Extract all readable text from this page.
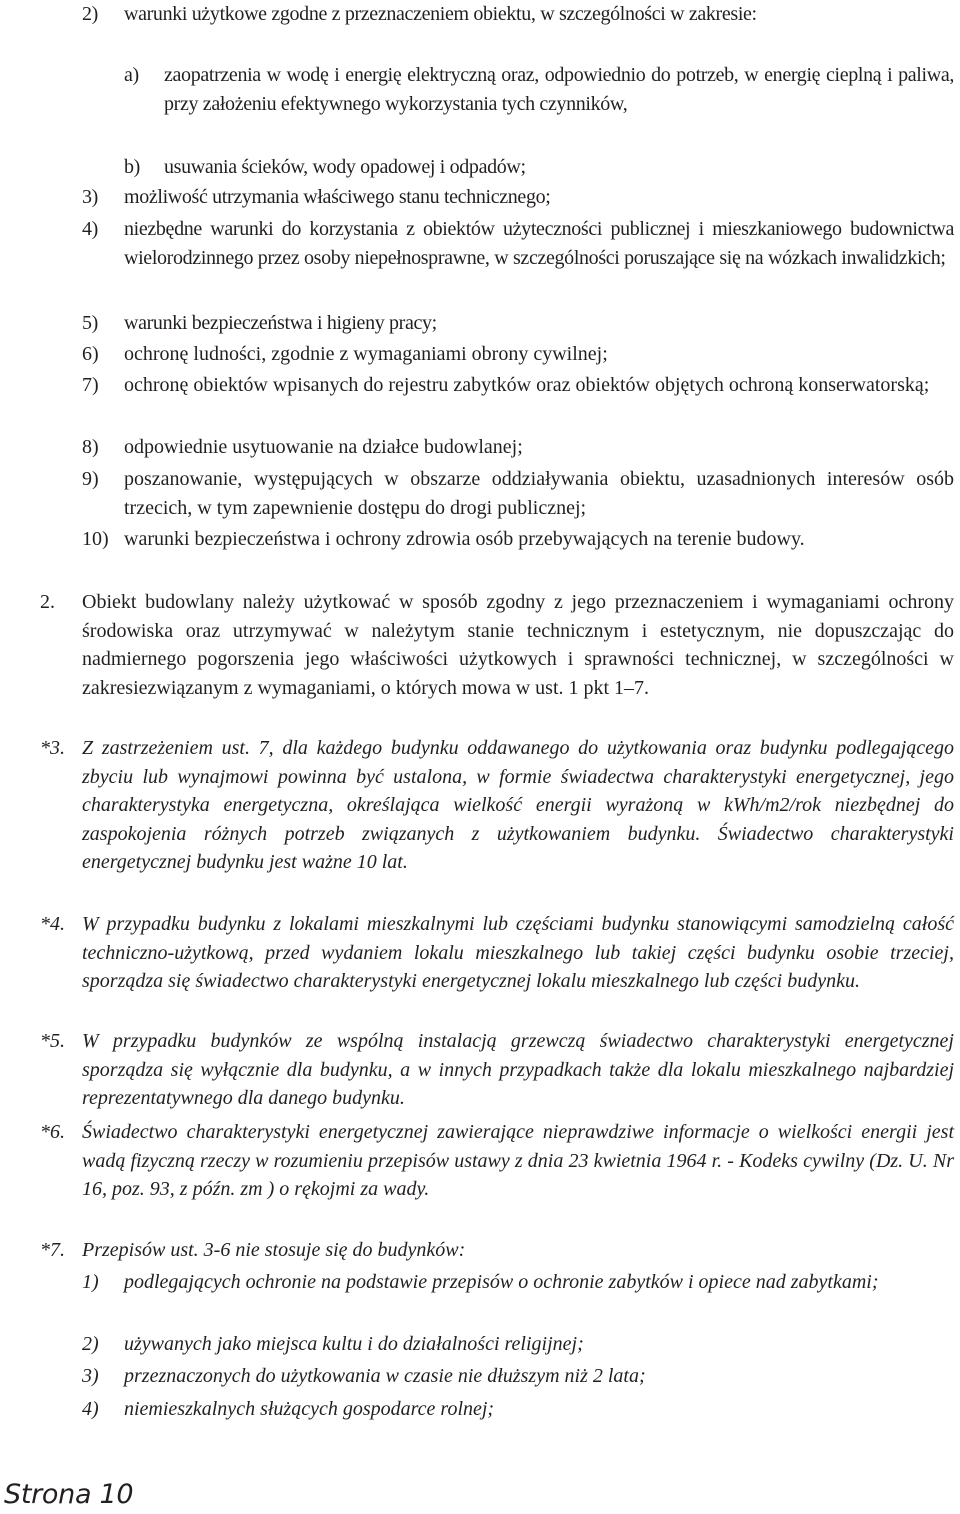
2) warunki użytkowe zgodne z przeznaczeniem obiektu, w szczególności w zakresie:
a) zaopatrzenia w wodę i energię elektryczną oraz, odpowiednio do potrzeb, w energię cieplną i paliwa, przy założeniu efektywnego wykorzystania tych czynników,
b) usuwania ścieków, wody opadowej i odpadów;
3) możliwość utrzymania właściwego stanu technicznego;
4) niezbędne warunki do korzystania z obiektów użyteczności publicznej i mieszkaniowego budownictwa wielorodzinnego przez osoby niepełnosprawne, w szczególności poruszające się na wózkach inwalidzkich;
5) warunki bezpieczeństwa i higieny pracy;
6) ochronę ludności, zgodnie z wymaganiami obrony cywilnej;
7) ochronę obiektów wpisanych do rejestru zabytków oraz obiektów objętych ochroną konserwatorską;
8) odpowiednie usytuowanie na działce budowlanej;
9) poszanowanie, występujących w obszarze oddziaływania obiektu, uzasadnionych interesów osób trzecich, w tym zapewnienie dostępu do drogi publicznej;
10) warunki bezpieczeństwa i ochrony zdrowia osób przebywających na terenie budowy.
2. Obiekt budowlany należy użytkować w sposób zgodny z jego przeznaczeniem i wymaganiami ochrony środowiska oraz utrzymywać w należytym stanie technicznym i estetycznym, nie dopuszczając do nadmiernego pogorszenia jego właściwości użytkowych i sprawności technicznej, w szczególności w zakresiezwiązanym z wymaganiami, o których mowa w ust. 1 pkt 1–7.
*3. Z zastrzeżeniem ust. 7, dla każdego budynku oddawanego do użytkowania oraz budynku podlegającego zbyciu lub wynajmowi powinna być ustalona, w formie świadectwa charakterystyki energetycznej, jego charakterystyka energetyczna, określająca wielkość energii wyrażoną w kWh/m2/rok niezbędnej do zaspokojenia różnych potrzeb związanych z użytkowaniem budynku. Świadectwo charakterystyki energetycznej budynku jest ważne 10 lat.
*4. W przypadku budynku z lokalami mieszkalnymi lub częściami budynku stanowiącymi samodzielną całość techniczno-użytkową, przed wydaniem lokalu mieszkalnego lub takiej części budynku osobie trzeciej, sporządza się świadectwo charakterystyki energetycznej lokalu mieszkalnego lub części budynku.
*5. W przypadku budynków ze wspólną instalacją grzewczą świadectwo charakterystyki energetycznej sporządza się wyłącznie dla budynku, a w innych przypadkach także dla lokalu mieszkalnego najbardziej reprezentatywnego dla danego budynku.
*6. Świadectwo charakterystyki energetycznej zawierające nieprawdziwe informacje o wielkości energii jest wadą fizyczną rzeczy w rozumieniu przepisów ustawy z dnia 23 kwietnia 1964 r. - Kodeks cywilny (Dz. U. Nr 16, poz. 93, z późn. zm ) o rękojmi za wady.
*7. Przepisów ust. 3-6 nie stosuje się do budynków:
1) podlegających ochronie na podstawie przepisów o ochronie zabytków i opiece nad zabytkami;
2) używanych jako miejsca kultu i do działalności religijnej;
3) przeznaczonych do użytkowania w czasie nie dłuższym niż 2 lata;
4) niemieszkalnych służących gospodarce rolnej;
Strona 10
